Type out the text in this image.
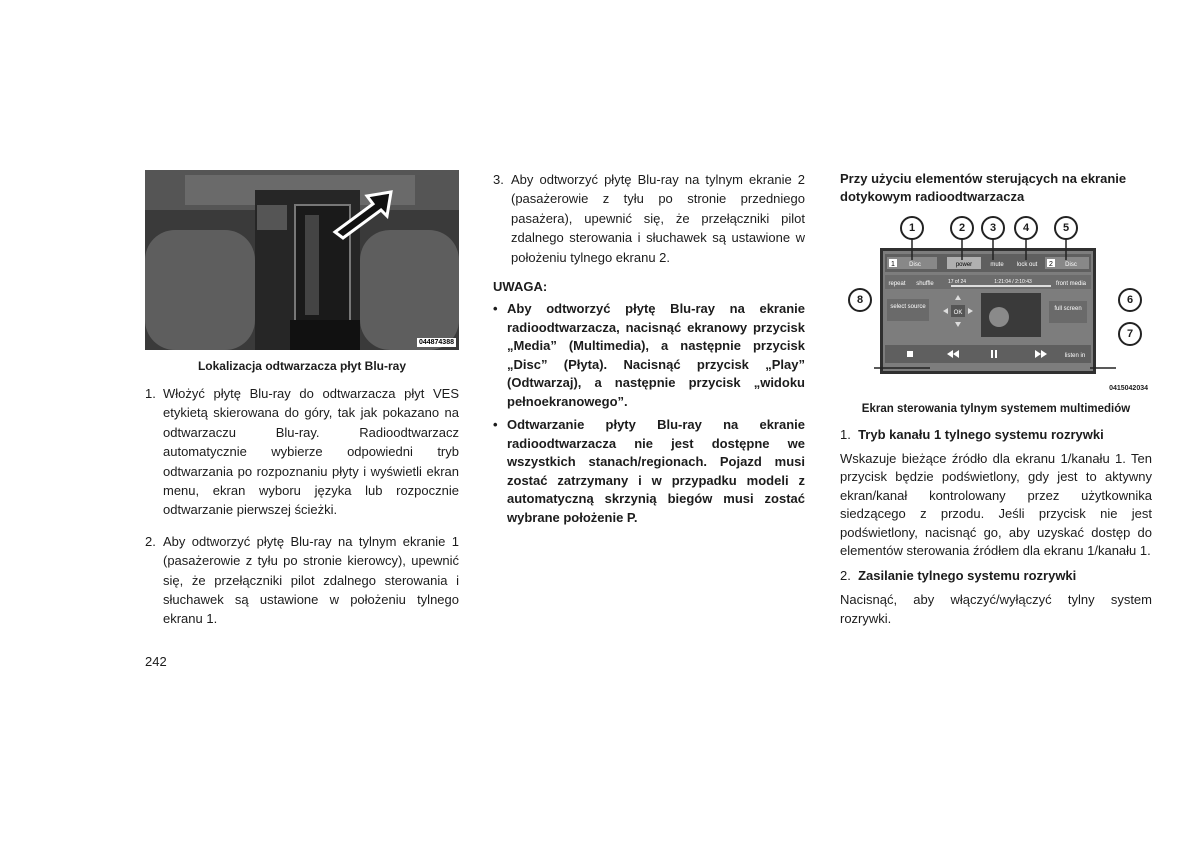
044874388
Lokalizacja odtwarzacza płyt Blu-ray
1. Włożyć płytę Blu-ray do odtwarzacza płyt VES etykietą skierowana do góry, tak jak pokazano na odtwarzaczu Blu-ray. Radioodtwarzacz automatycznie wybierze odpowiedni tryb odtwarzania po rozpoznaniu płyty i wyświetli ekran menu, ekran wyboru języka lub rozpocznie odtwarzanie pierwszej ścieżki.
2. Aby odtworzyć płytę Blu-ray na tylnym ekranie 1 (pasażerowie z tyłu po stronie kierowcy), upewnić się, że przełączniki pilot zdalnego sterowania i słuchawek są ustawione w położeniu tylnego ekranu 1.
3. Aby odtworzyć płytę Blu-ray na tylnym ekranie 2 (pasażerowie z tyłu po stronie przedniego pasażera), upewnić się, że przełączniki pilot zdalnego sterowania i słuchawek są ustawione w położeniu tylnego ekranu 2.
UWAGA:
• Aby odtworzyć płytę Blu-ray na ekranie radioodtwarzacza, nacisnąć ekranowy przycisk „Media” (Multimedia), a następnie przycisk „Disc” (Płyta). Nacisnąć przycisk „Play” (Odtwarzaj), a następnie przycisk „widoku pełnoekranowego”.
• Odtwarzanie płyty Blu-ray na ekranie radioodtwarzacza nie jest dostępne we wszystkich stanach/regionach. Pojazd musi zostać zatrzymany i w przypadku modeli z automatyczną skrzynią biegów musi zostać wybrane położenie P.
Przy użyciu elementów sterujących na ekranie dotykowym radioodtwarzacza
1 Disc	power	mute lock out 2 Disc
repeat shuffle	17 of 24	1:21:04 / 2:10:43	front media
select source
OK
full screen
listen in
0415042034
1	2	3	4	5
6
7
8
Ekran sterowania tylnym systemem multimediów
1. Tryb kanału 1 tylnego systemu rozrywki
Wskazuje bieżące źródło dla ekranu 1/kanału 1. Ten przycisk będzie podświetlony, gdy jest to aktywny ekran/kanał kontrolowany przez użytkownika siedzącego z przodu. Jeśli przycisk nie jest podświetlony, nacisnąć go, aby uzyskać dostęp do elementów sterowania źródłem dla ekranu 1/kanału 1.
2. Zasilanie tylnego systemu rozrywki
Nacisnąć, aby włączyć/wyłączyć tylny system rozrywki.
242
